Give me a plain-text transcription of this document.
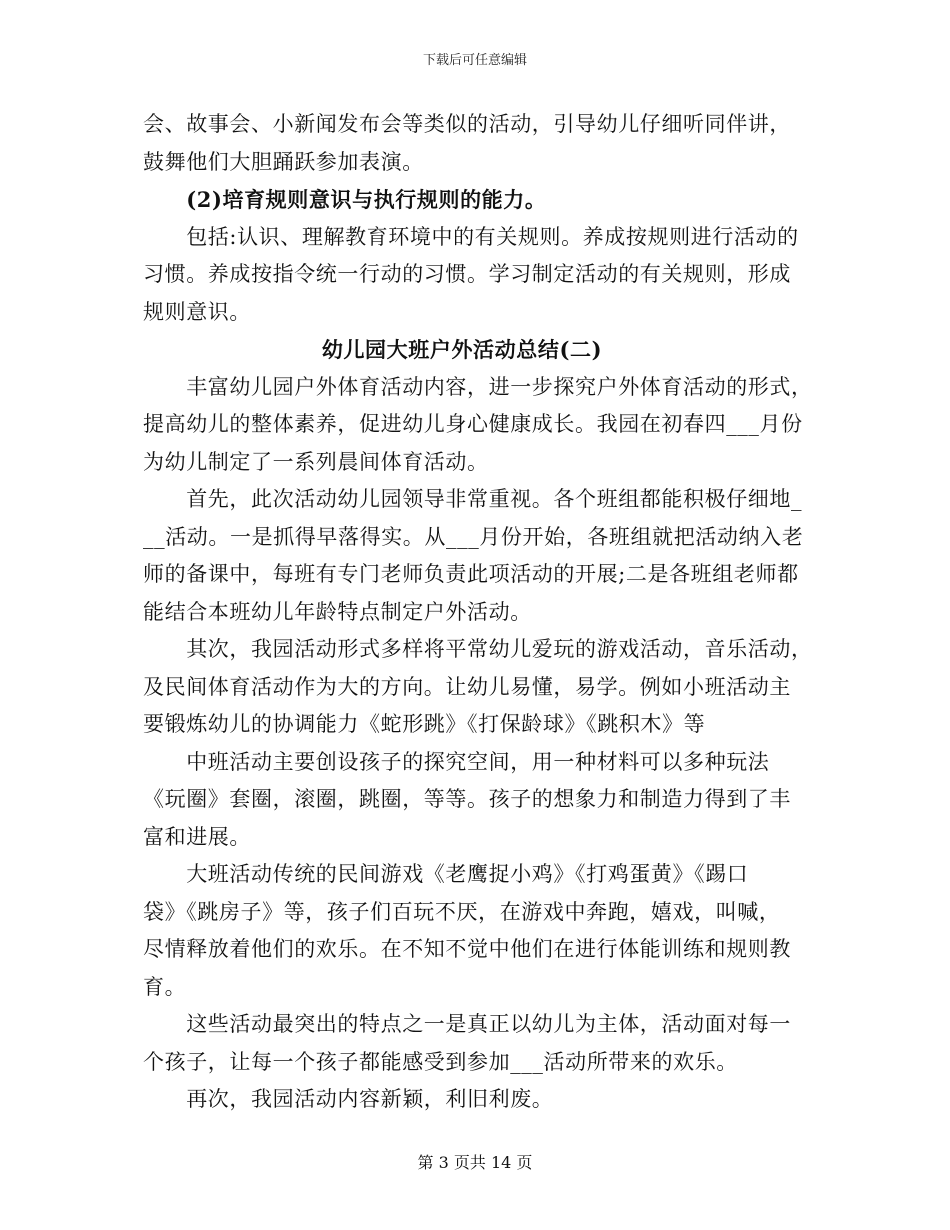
下载后可任意编辑

会、故事会、小新闻发布会等类似的活动，引导幼儿仔细听同伴讲，

鼓舞他们大胆踊跃参加表演。

　　(2)培育规则意识与执行规则的能力。

　　包括:认识、理解教育环境中的有关规则。养成按规则进行活动的

习惯。养成按指令统一行动的习惯。学习制定活动的有关规则，形成

规则意识。

幼儿园大班户外活动总结(二)

　　丰富幼儿园户外体育活动内容，进一步探究户外体育活动的形式，

提高幼儿的整体素养，促进幼儿身心健康成长。我园在初春四___月份

为幼儿制定了一系列晨间体育活动。

　　首先，此次活动幼儿园领导非常重视。各个班组都能积极仔细地_

__活动。一是抓得早落得实。从___月份开始，各班组就把活动纳入老

师的备课中，每班有专门老师负责此项活动的开展;二是各班组老师都

能结合本班幼儿年龄特点制定户外活动。

　　其次，我园活动形式多样将平常幼儿爱玩的游戏活动，音乐活动，

及民间体育活动作为大的方向。让幼儿易懂，易学。例如小班活动主

要锻炼幼儿的协调能力《蛇形跳》《打保龄球》《跳积木》等

　　中班活动主要创设孩子的探究空间，用一种材料可以多种玩法

《玩圈》套圈，滚圈，跳圈，等等。孩子的想象力和制造力得到了丰

富和进展。

　　大班活动传统的民间游戏《老鹰捉小鸡》《打鸡蛋黄》《踢口

袋》《跳房子》等，孩子们百玩不厌，在游戏中奔跑，嬉戏，叫喊，

尽情释放着他们的欢乐。在不知不觉中他们在进行体能训练和规则教

育。

　　这些活动最突出的特点之一是真正以幼儿为主体，活动面对每一

个孩子，让每一个孩子都能感受到参加___活动所带来的欢乐。

　　再次，我园活动内容新颖，利旧利废。

第 3 页共 14 页
